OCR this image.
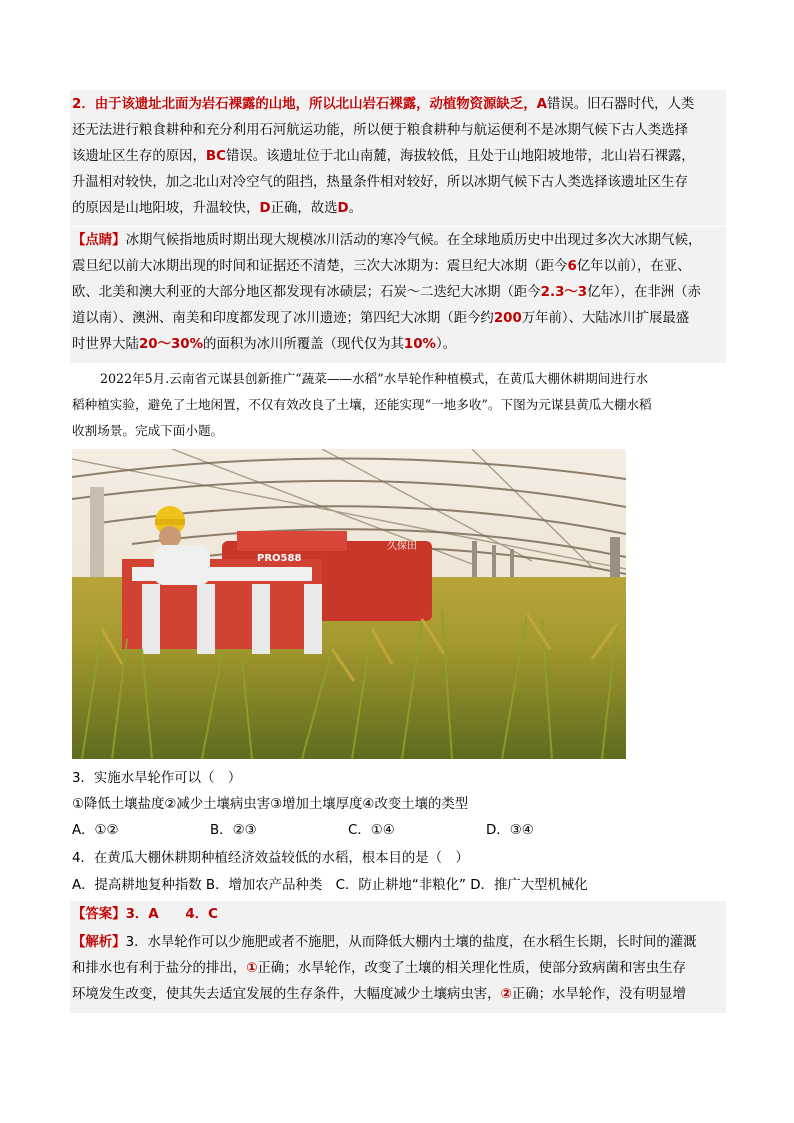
2．由于该遗址北面为岩石裸露的山地，所以北山岩石裸露，动植物资源缺乏，A错误。旧石器时代，人类
还无法进行粮食耕种和充分利用石河航运功能，所以便于粮食耕种与航运便利不是冰期气候下古人类选择
该遗址区生存的原因，BC错误。该遗址位于北山南麓，海拔较低，且处于山地阳坡地带，北山岩石裸露，
升温相对较快，加之北山对冷空气的阻挡，热量条件相对较好，所以冰期气候下古人类选择该遗址区生存
的原因是山地阳坡，升温较快，D正确，故选D。
【点睛】冰期气候指地质时期出现大规模冰川活动的寒冷气候。在全球地质历史中出现过多次大冰期气候，
震旦纪以前大冰期出现的时间和证据还不清楚，三次大冰期为：震旦纪大冰期（距今6亿年以前），在亚、
欧、北美和澳大利亚的大部分地区都发现有冰碛层；石炭～二迭纪大冰期（距今2.3～3亿年），在非洲（赤
道以南）、澳洲、南美和印度都发现了冰川遗迹；第四纪大冰期（距今约200万年前）、大陆冰川扩展最盛
时世界大陆20～30%的面积为冰川所覆盖（现代仅为其10%）。
2022年5月.云南省元谋县创新推广“蔬菜——水稻”水旱轮作种植模式，在黄瓜大棚休耕期间进行水
稻种植实验，避免了土地闲置，不仅有效改良了土壤，还能实现“一地多收”。下图为元谋县黄瓜大棚水稻
收割场景。完成下面小题。
久保田
PRO588
3．实施水旱轮作可以（　）
①降低土壤盐度②减少土壤病虫害③增加土壤厚度④改变土壤的类型
A．①②	B．②③	C．①④	D．③④
4．在黄瓜大棚休耕期种植经济效益较低的水稻，根本目的是（　）
A．提高耕地复种指数 B．增加农产品种类　C．防止耕地“非粮化” D．推广大型机械化
【答案】3．A　　4．C
【解析】3．水旱轮作可以少施肥或者不施肥，从而降低大棚内土壤的盐度，在水稻生长期，长时间的灌溉
和排水也有利于盐分的排出，①正确；水旱轮作，改变了土壤的相关理化性质，使部分致病菌和害虫生存
环境发生改变，使其失去适宜发展的生存条件，大幅度减少土壤病虫害，②正确；水旱轮作，没有明显增
